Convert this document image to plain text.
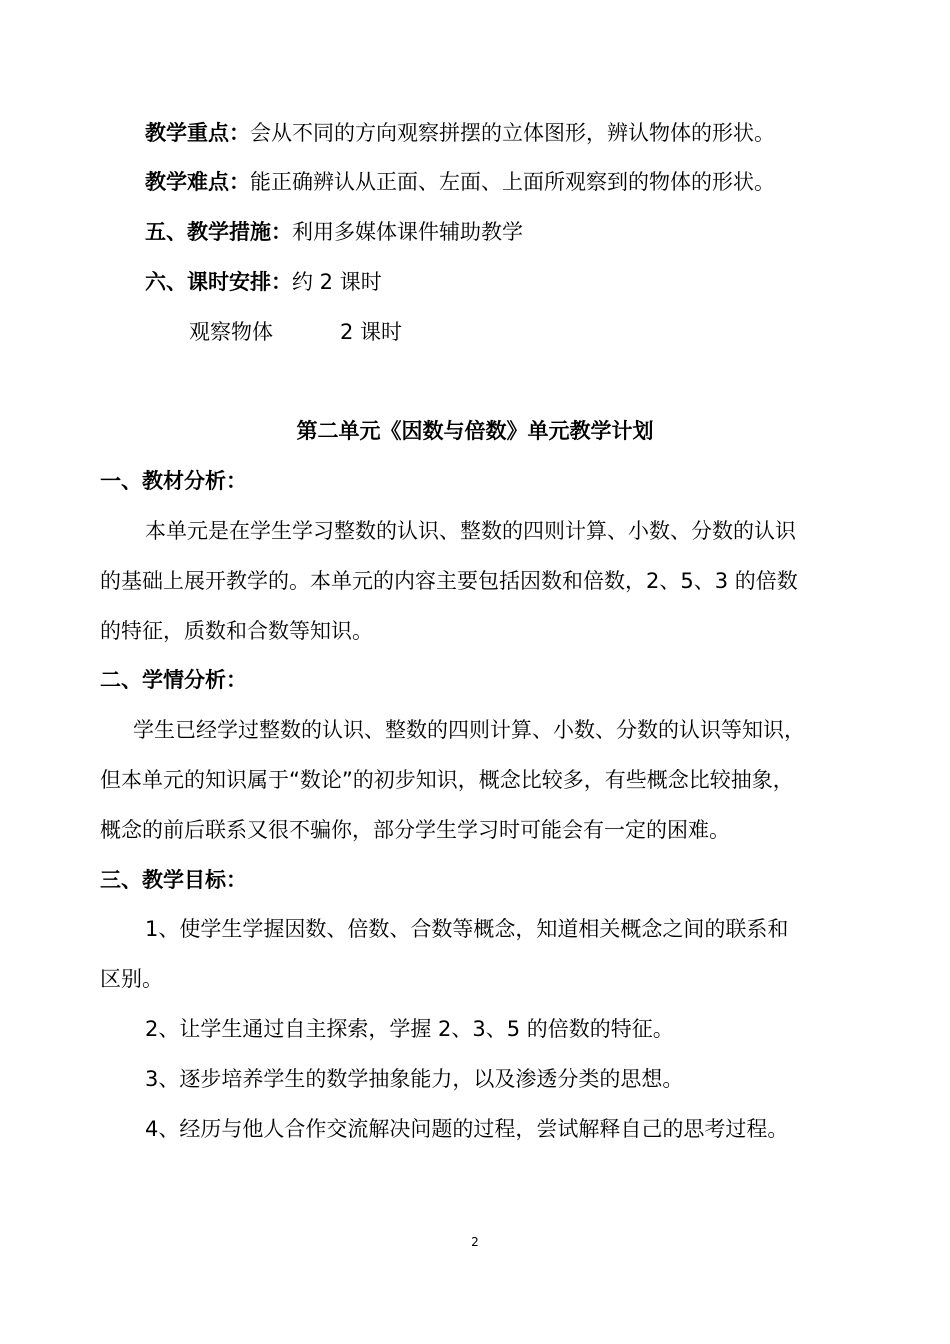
教学重点：会从不同的方向观察拼摆的立体图形，辨认物体的形状。
教学难点：能正确辨认从正面、左面、上面所观察到的物体的形状。
五、教学措施：利用多媒体课件辅助教学
六、课时安排：约 2 课时
观察物体	2 课时
第二单元《因数与倍数》单元教学计划
一、教材分析：
本单元是在学生学习整数的认识、整数的四则计算、小数、分数的认识
的基础上展开教学的。本单元的内容主要包括因数和倍数，2、5、3 的倍数
的特征，质数和合数等知识。
二、学情分析：
学生已经学过整数的认识、整数的四则计算、小数、分数的认识等知识，
但本单元的知识属于“数论”的初步知识，概念比较多，有些概念比较抽象，
概念的前后联系又很不骗你，部分学生学习时可能会有一定的困难。
三、教学目标：
1、使学生学握因数、倍数、合数等概念，知道相关概念之间的联系和
区别。
2、让学生通过自主探索，学握 2、3、5 的倍数的特征。
3、逐步培养学生的数学抽象能力，以及渗透分类的思想。
4、经历与他人合作交流解决问题的过程，尝试解释自己的思考过程。
2
